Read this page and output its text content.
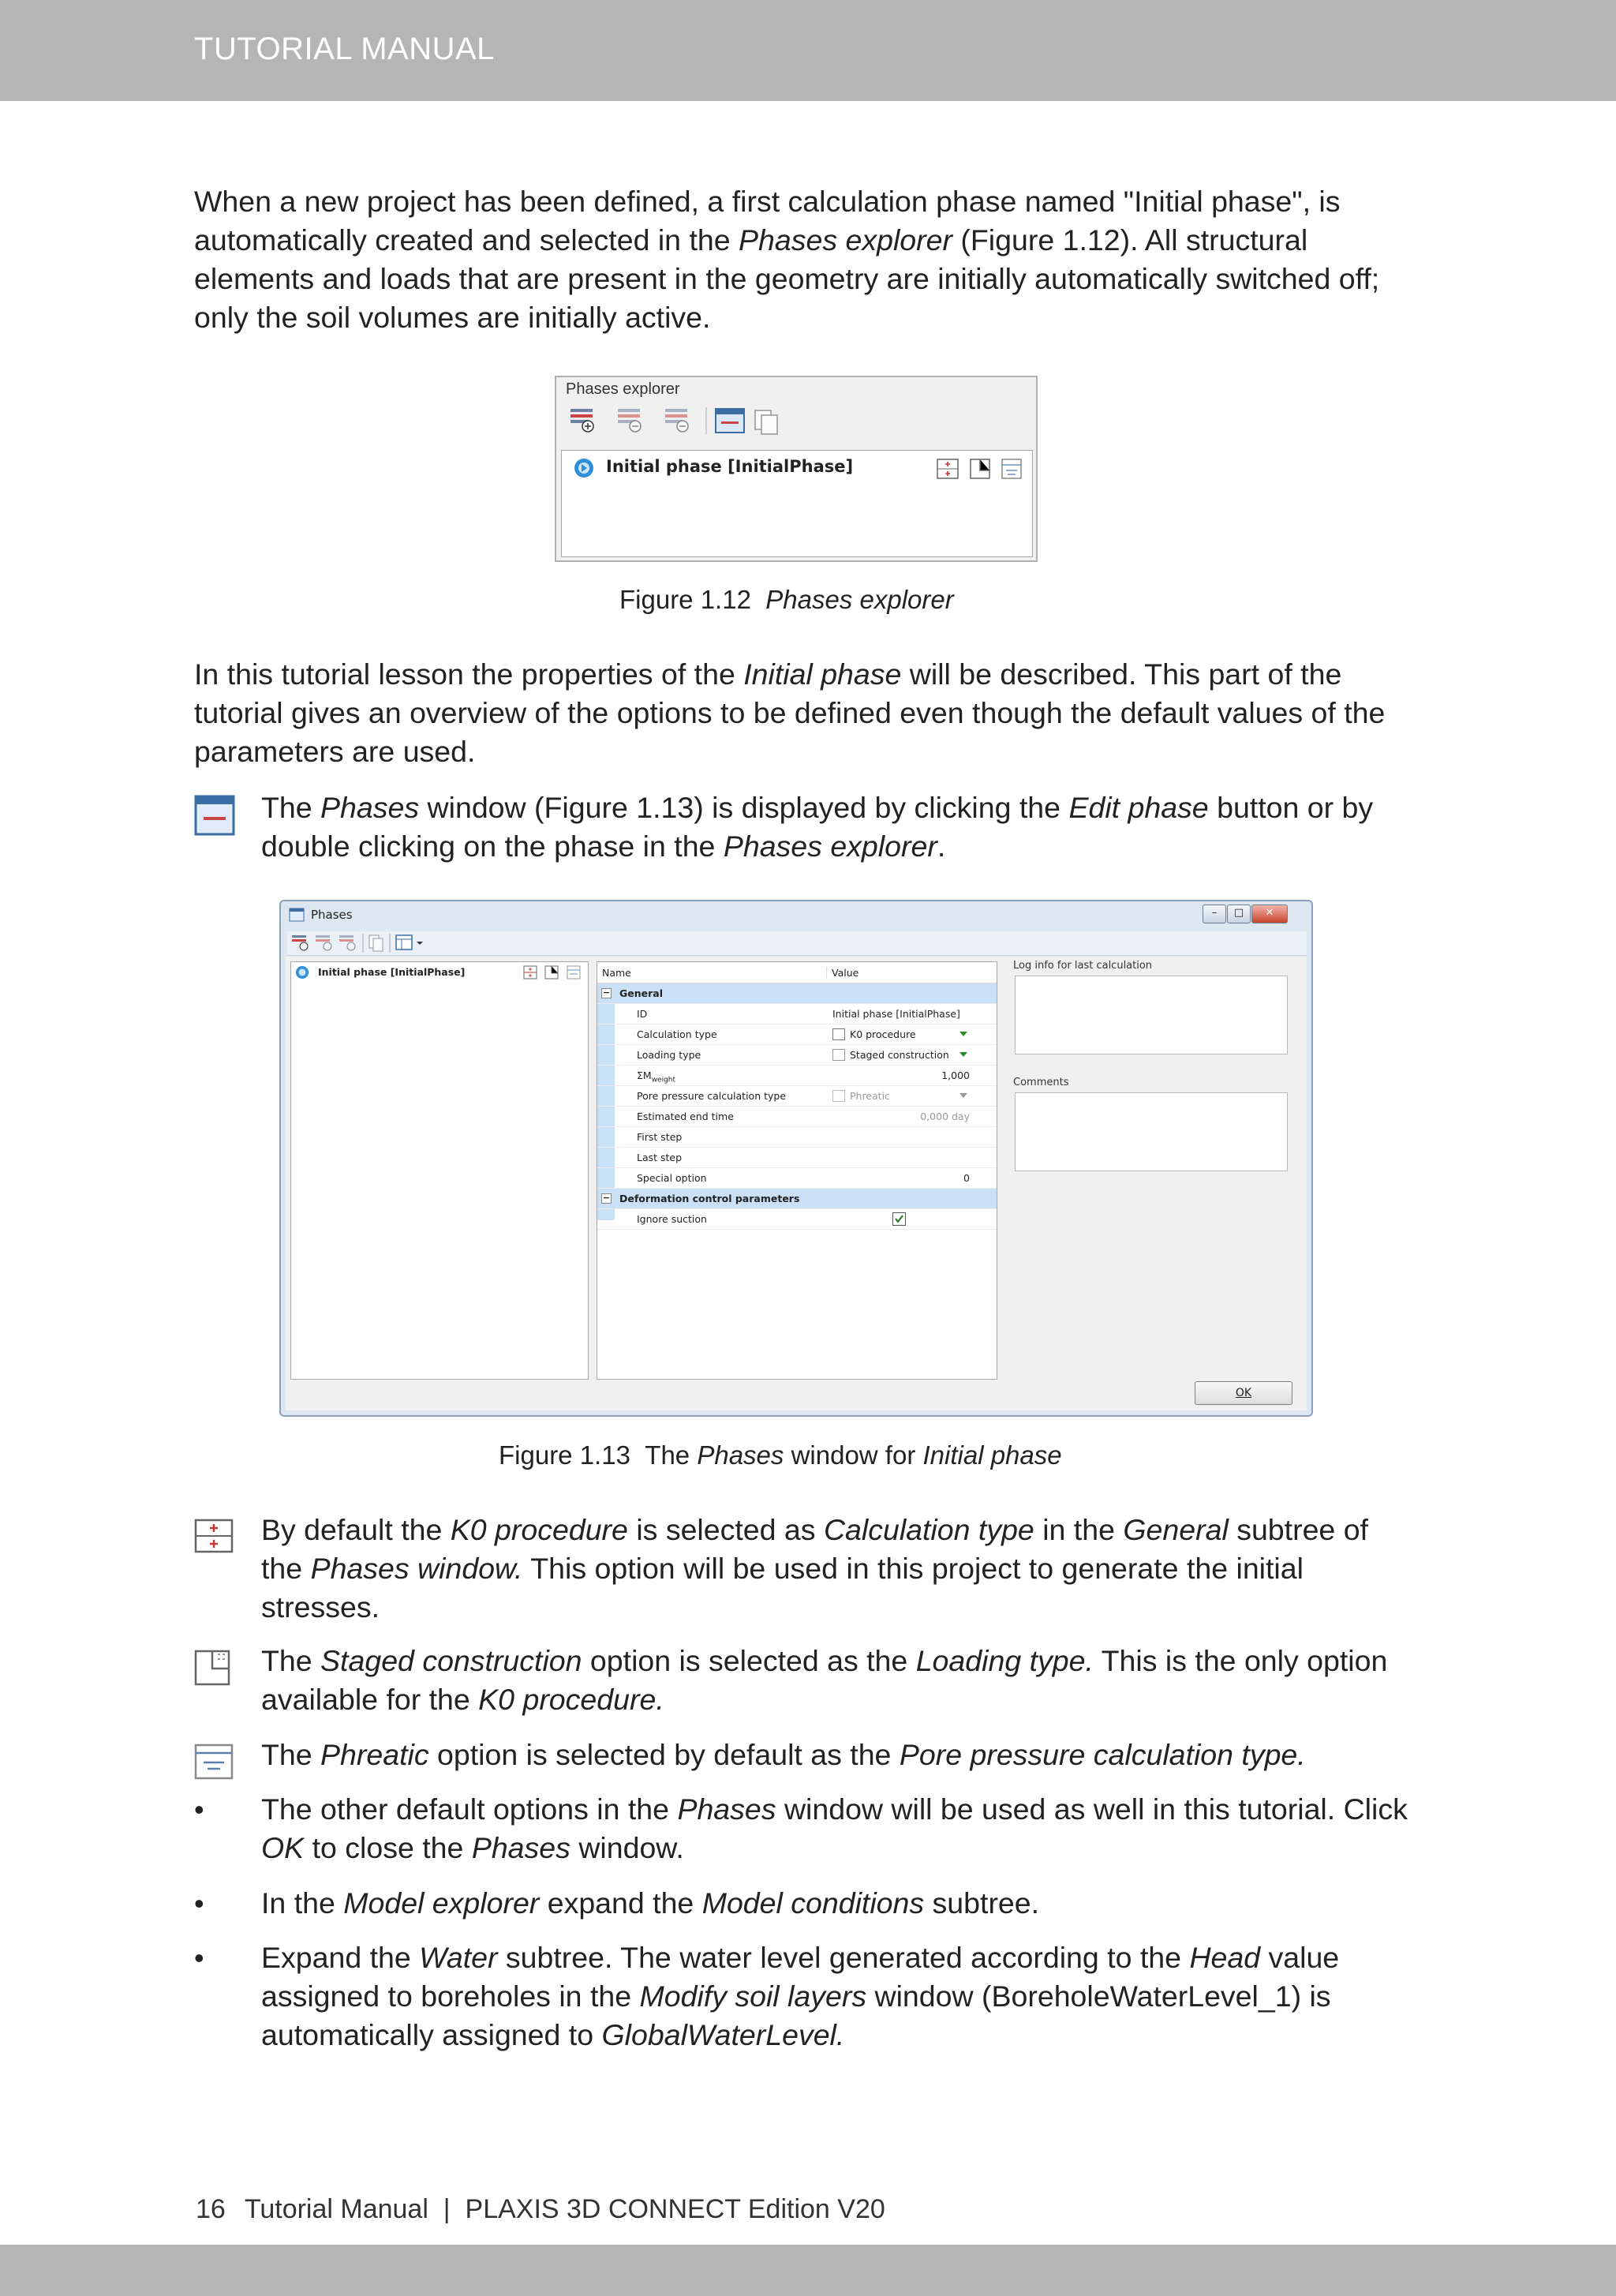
TUTORIAL MANUAL
When a new project has been defined, a first calculation phase named "Initial phase", is automatically created and selected in the Phases explorer (Figure 1.12). All structural elements and loads that are present in the geometry are initially automatically switched off; only the soil volumes are initially active.
Phases explorer
Initial phase [InitialPhase]
Figure 1.12 Phases explorer
In this tutorial lesson the properties of the Initial phase will be described. This part of the tutorial gives an overview of the options to be defined even though the default values of the parameters are used.
The Phases window (Figure 1.13) is displayed by clicking the Edit phase button or by double clicking on the phase in the Phases explorer.
Phases	–	□	✕
Initial phase [InitialPhase]	Name	Value
− General
ID	Initial phase [InitialPhase]
Calculation type	K0 procedure
Loading type	Staged construction
$\Sigma M_{weight}$	1,000
Pore pressure calculation type	Phreatic
Estimated end time	0,000 day
First step
Last step
Special option	0
− Deformation control parameters
Ignore suction
Log info for last calculation
Comments
OK
Figure 1.13 The Phases window for Initial phase
By default the K0 procedure is selected as Calculation type in the General subtree of the Phases window. This option will be used in this project to generate the initial stresses.
The Staged construction option is selected as the Loading type. This is the only option available for the K0 procedure.
The Phreatic option is selected by default as the Pore pressure calculation type.
• The other default options in the Phases window will be used as well in this tutorial. Click OK to close the Phases window.
• In the Model explorer expand the Model conditions subtree.
• Expand the Water subtree. The water level generated according to the Head value assigned to boreholes in the Modify soil layers window (BoreholeWaterLevel_1) is automatically assigned to GlobalWaterLevel.
16 Tutorial Manual  |  PLAXIS 3D CONNECT Edition V20
